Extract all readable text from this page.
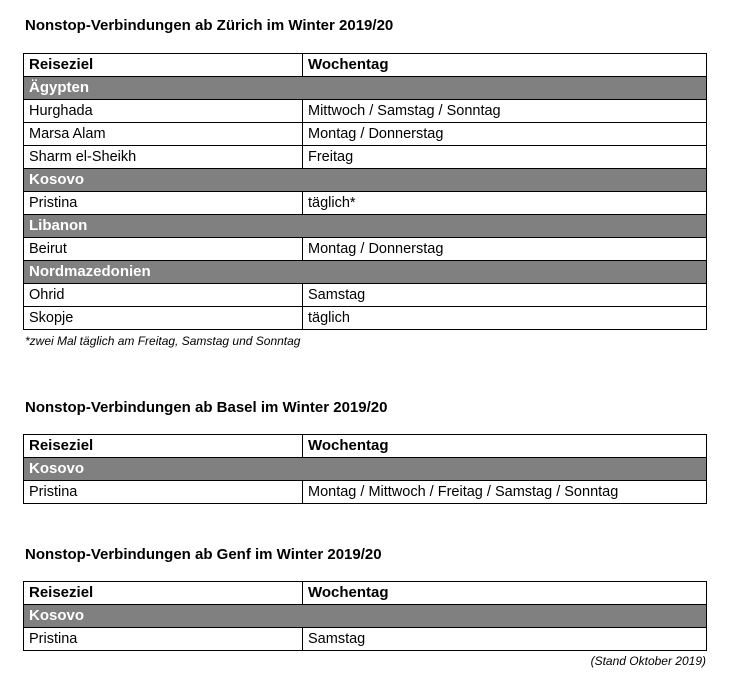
Nonstop-Verbindungen ab Zürich im Winter 2019/20
Reiseziel	Wochentag
Ägypten	
Hurghada	Mittwoch / Samstag / Sonntag
Marsa Alam	Montag / Donnerstag
Sharm el-Sheikh	Freitag
Kosovo	
Pristina	täglich*
Libanon	
Beirut	Montag / Donnerstag
Nordmazedonien	
Ohrid	Samstag
Skopje	täglich
*zwei Mal täglich am Freitag, Samstag und Sonntag
Nonstop-Verbindungen ab Basel im Winter 2019/20
Reiseziel	Wochentag
Kosovo	
Pristina	Montag / Mittwoch / Freitag / Samstag / Sonntag
Nonstop-Verbindungen ab Genf im Winter 2019/20
Reiseziel	Wochentag
Kosovo	
Pristina	Samstag
(Stand Oktober 2019)
